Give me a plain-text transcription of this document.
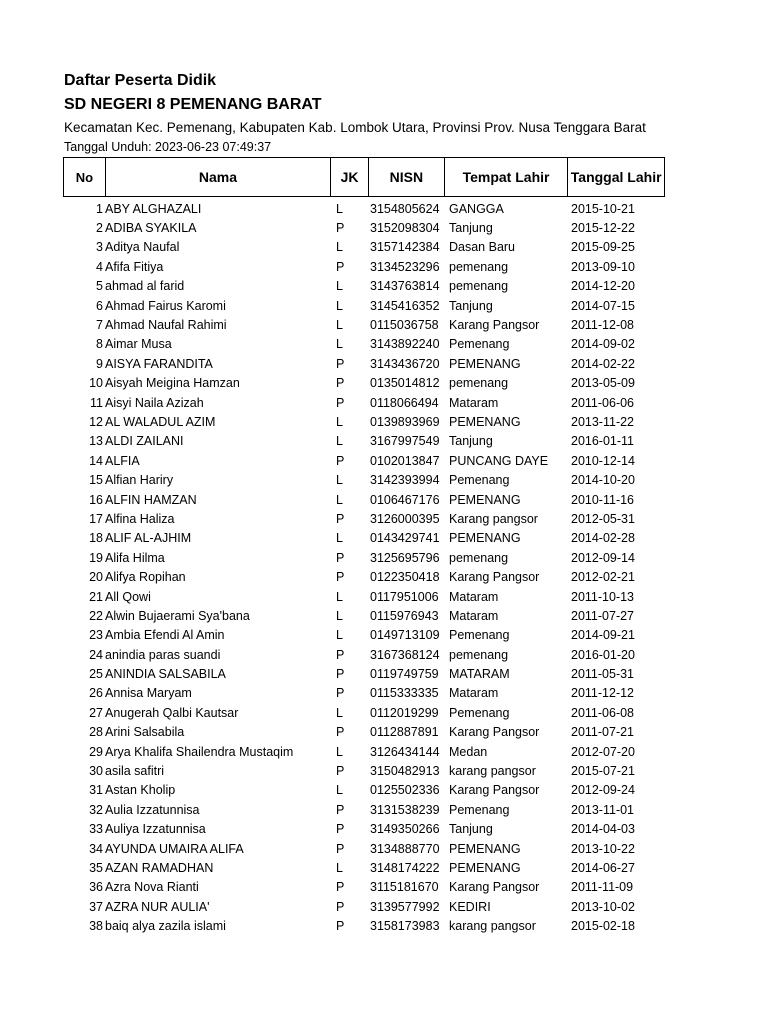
Daftar Peserta Didik
SD NEGERI 8 PEMENANG BARAT
Kecamatan Kec. Pemenang, Kabupaten Kab. Lombok Utara, Provinsi Prov. Nusa Tenggara Barat
Tanggal Unduh: 2023-06-23 07:49:37
No	Nama	JK	NISN	Tempat Lahir	Tanggal Lahir
1 ABY ALGHAZALI	L	3154805624 GANGGA	2015-10-21
2 ADIBA SYAKILA	P	3152098304 Tanjung	2015-12-22
3 Aditya Naufal	L	3157142384 Dasan Baru	2015-09-25
4 Afifa Fitiya	P	3134523296 pemenang	2013-09-10
5 ahmad al farid	L	3143763814 pemenang	2014-12-20
6 Ahmad Fairus Karomi	L	3145416352 Tanjung	2014-07-15
7 Ahmad Naufal Rahimi	L	0115036758 Karang Pangsor	2011-12-08
8 Aimar Musa	L	3143892240 Pemenang	2014-09-02
9 AISYA FARANDITA	P	3143436720 PEMENANG	2014-02-22
10 Aisyah Meigina Hamzan	P	0135014812 pemenang	2013-05-09
11 Aisyi Naila Azizah	P	0118066494 Mataram	2011-06-06
12 AL WALADUL AZIM	L	0139893969 PEMENANG	2013-11-22
13 ALDI ZAILANI	L	3167997549 Tanjung	2016-01-11
14 ALFIA	P	0102013847 PUNCANG DAYE	2010-12-14
15 Alfian Hariry	L	3142393994 Pemenang	2014-10-20
16 ALFIN HAMZAN	L	0106467176 PEMENANG	2010-11-16
17 Alfina Haliza	P	3126000395 Karang pangsor	2012-05-31
18 ALIF AL-AJHIM	L	0143429741 PEMENANG	2014-02-28
19 Alifa Hilma	P	3125695796 pemenang	2012-09-14
20 Alifya Ropihan	P	0122350418 Karang Pangsor	2012-02-21
21 All Qowi	L	0117951006 Mataram	2011-10-13
22 Alwin Bujaerami Sya'bana	L	0115976943 Mataram	2011-07-27
23 Ambia Efendi Al Amin	L	0149713109 Pemenang	2014-09-21
24 anindia paras suandi	P	3167368124 pemenang	2016-01-20
25 ANINDIA SALSABILA	P	0119749759 MATARAM	2011-05-31
26 Annisa Maryam	P	0115333335 Mataram	2011-12-12
27 Anugerah Qalbi Kautsar	L	0112019299 Pemenang	2011-06-08
28 Arini Salsabila	P	0112887891 Karang Pangsor	2011-07-21
29 Arya Khalifa Shailendra Mustaqim	L	3126434144 Medan	2012-07-20
30 asila safitri	P	3150482913 karang pangsor	2015-07-21
31 Astan Kholip	L	0125502336 Karang Pangsor	2012-09-24
32 Aulia Izzatunnisa	P	3131538239 Pemenang	2013-11-01
33 Auliya Izzatunnisa	P	3149350266 Tanjung	2014-04-03
34 AYUNDA UMAIRA ALIFA	P	3134888770 PEMENANG	2013-10-22
35 AZAN RAMADHAN	L	3148174222 PEMENANG	2014-06-27
36 Azra Nova Rianti	P	3115181670 Karang Pangsor	2011-11-09
37 AZRA NUR AULIA'	P	3139577992 KEDIRI	2013-10-02
38 baiq alya zazila islami	P	3158173983 karang pangsor	2015-02-18
